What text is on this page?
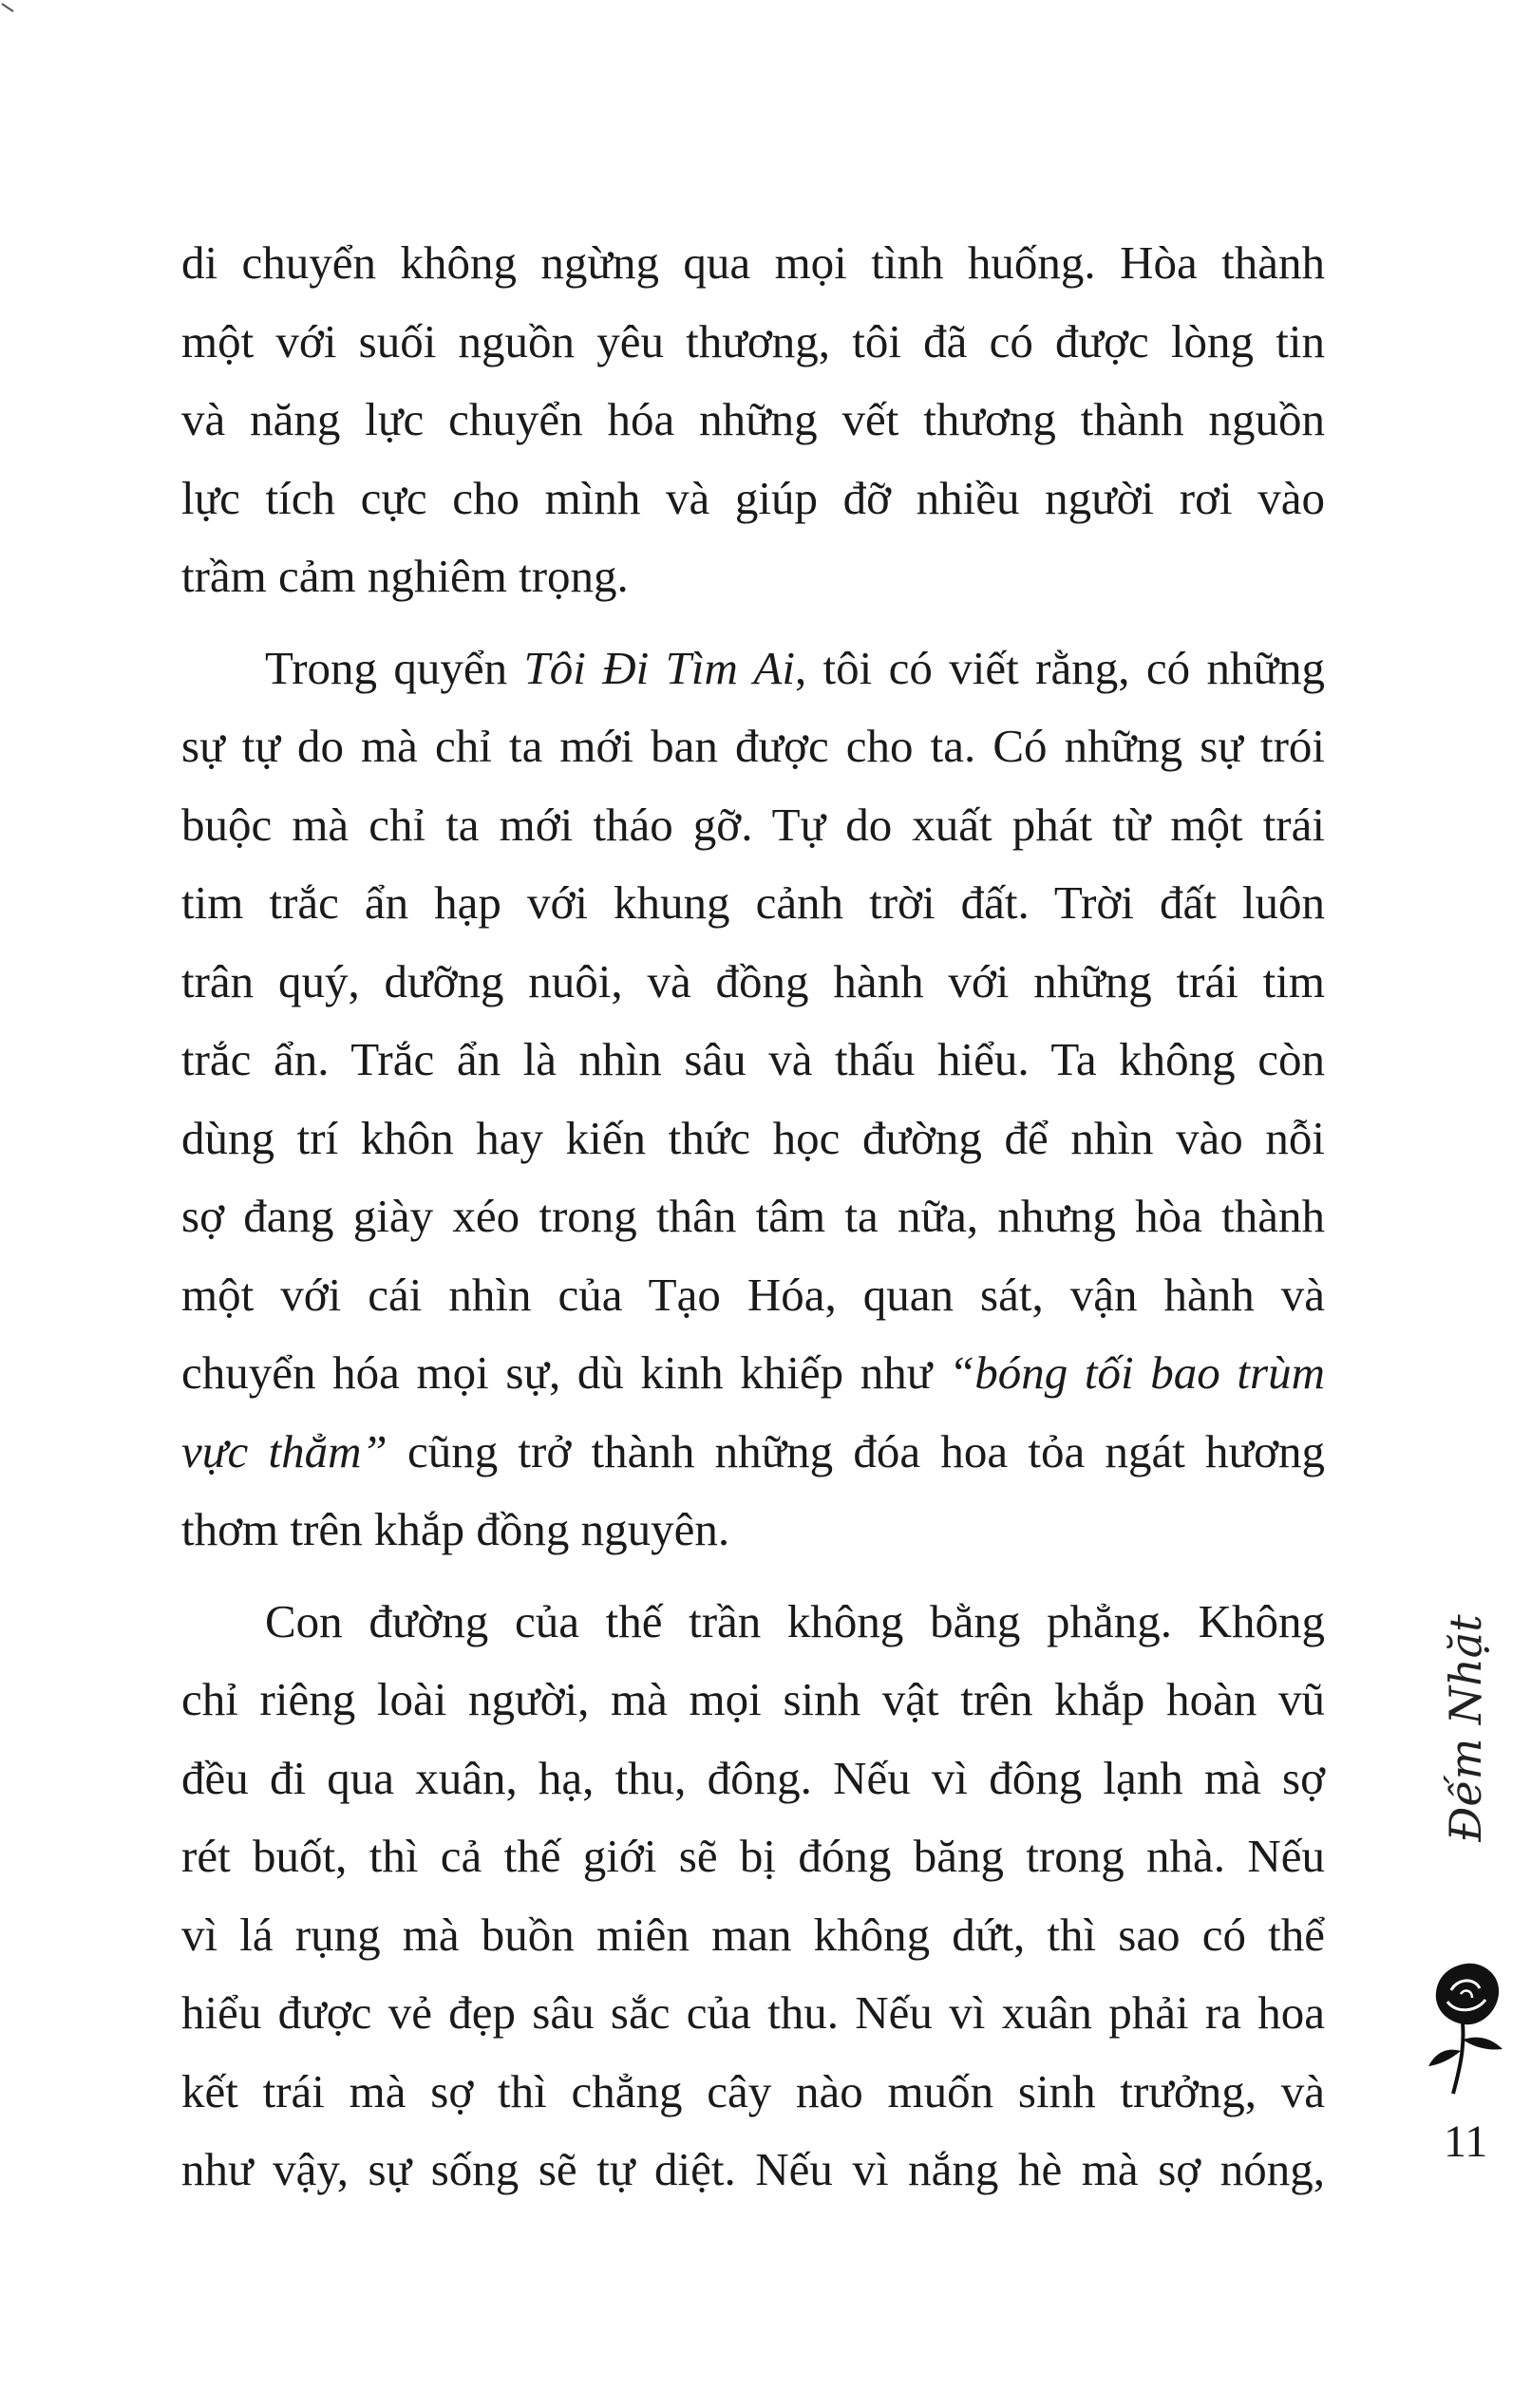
di chuyển không ngừng qua mọi tình huống. Hòa thành
một với suối nguồn yêu thương, tôi đã có được lòng tin
và năng lực chuyển hóa những vết thương thành nguồn
lực tích cực cho mình và giúp đỡ nhiều người rơi vào
trầm cảm nghiêm trọng.
Trong quyển Tôi Đi Tìm Ai, tôi có viết rằng, có những
sự tự do mà chỉ ta mới ban được cho ta. Có những sự trói
buộc mà chỉ ta mới tháo gỡ. Tự do xuất phát từ một trái
tim trắc ẩn hạp với khung cảnh trời đất. Trời đất luôn
trân quý, dưỡng nuôi, và đồng hành với những trái tim
trắc ẩn. Trắc ẩn là nhìn sâu và thấu hiểu. Ta không còn
dùng trí khôn hay kiến thức học đường để nhìn vào nỗi
sợ đang giày xéo trong thân tâm ta nữa, nhưng hòa thành
một với cái nhìn của Tạo Hóa, quan sát, vận hành và
chuyển hóa mọi sự, dù kinh khiếp như “bóng tối bao trùm
vực thẳm” cũng trở thành những đóa hoa tỏa ngát hương
thơm trên khắp đồng nguyên.
Con đường của thế trần không bằng phẳng. Không
chỉ riêng loài người, mà mọi sinh vật trên khắp hoàn vũ
đều đi qua xuân, hạ, thu, đông. Nếu vì đông lạnh mà sợ
rét buốt, thì cả thế giới sẽ bị đóng băng trong nhà. Nếu
vì lá rụng mà buồn miên man không dứt, thì sao có thể
hiểu được vẻ đẹp sâu sắc của thu. Nếu vì xuân phải ra hoa
kết trái mà sợ thì chẳng cây nào muốn sinh trưởng, và
như vậy, sự sống sẽ tự diệt. Nếu vì nắng hè mà sợ nóng,
Đếm Nhặt
11
